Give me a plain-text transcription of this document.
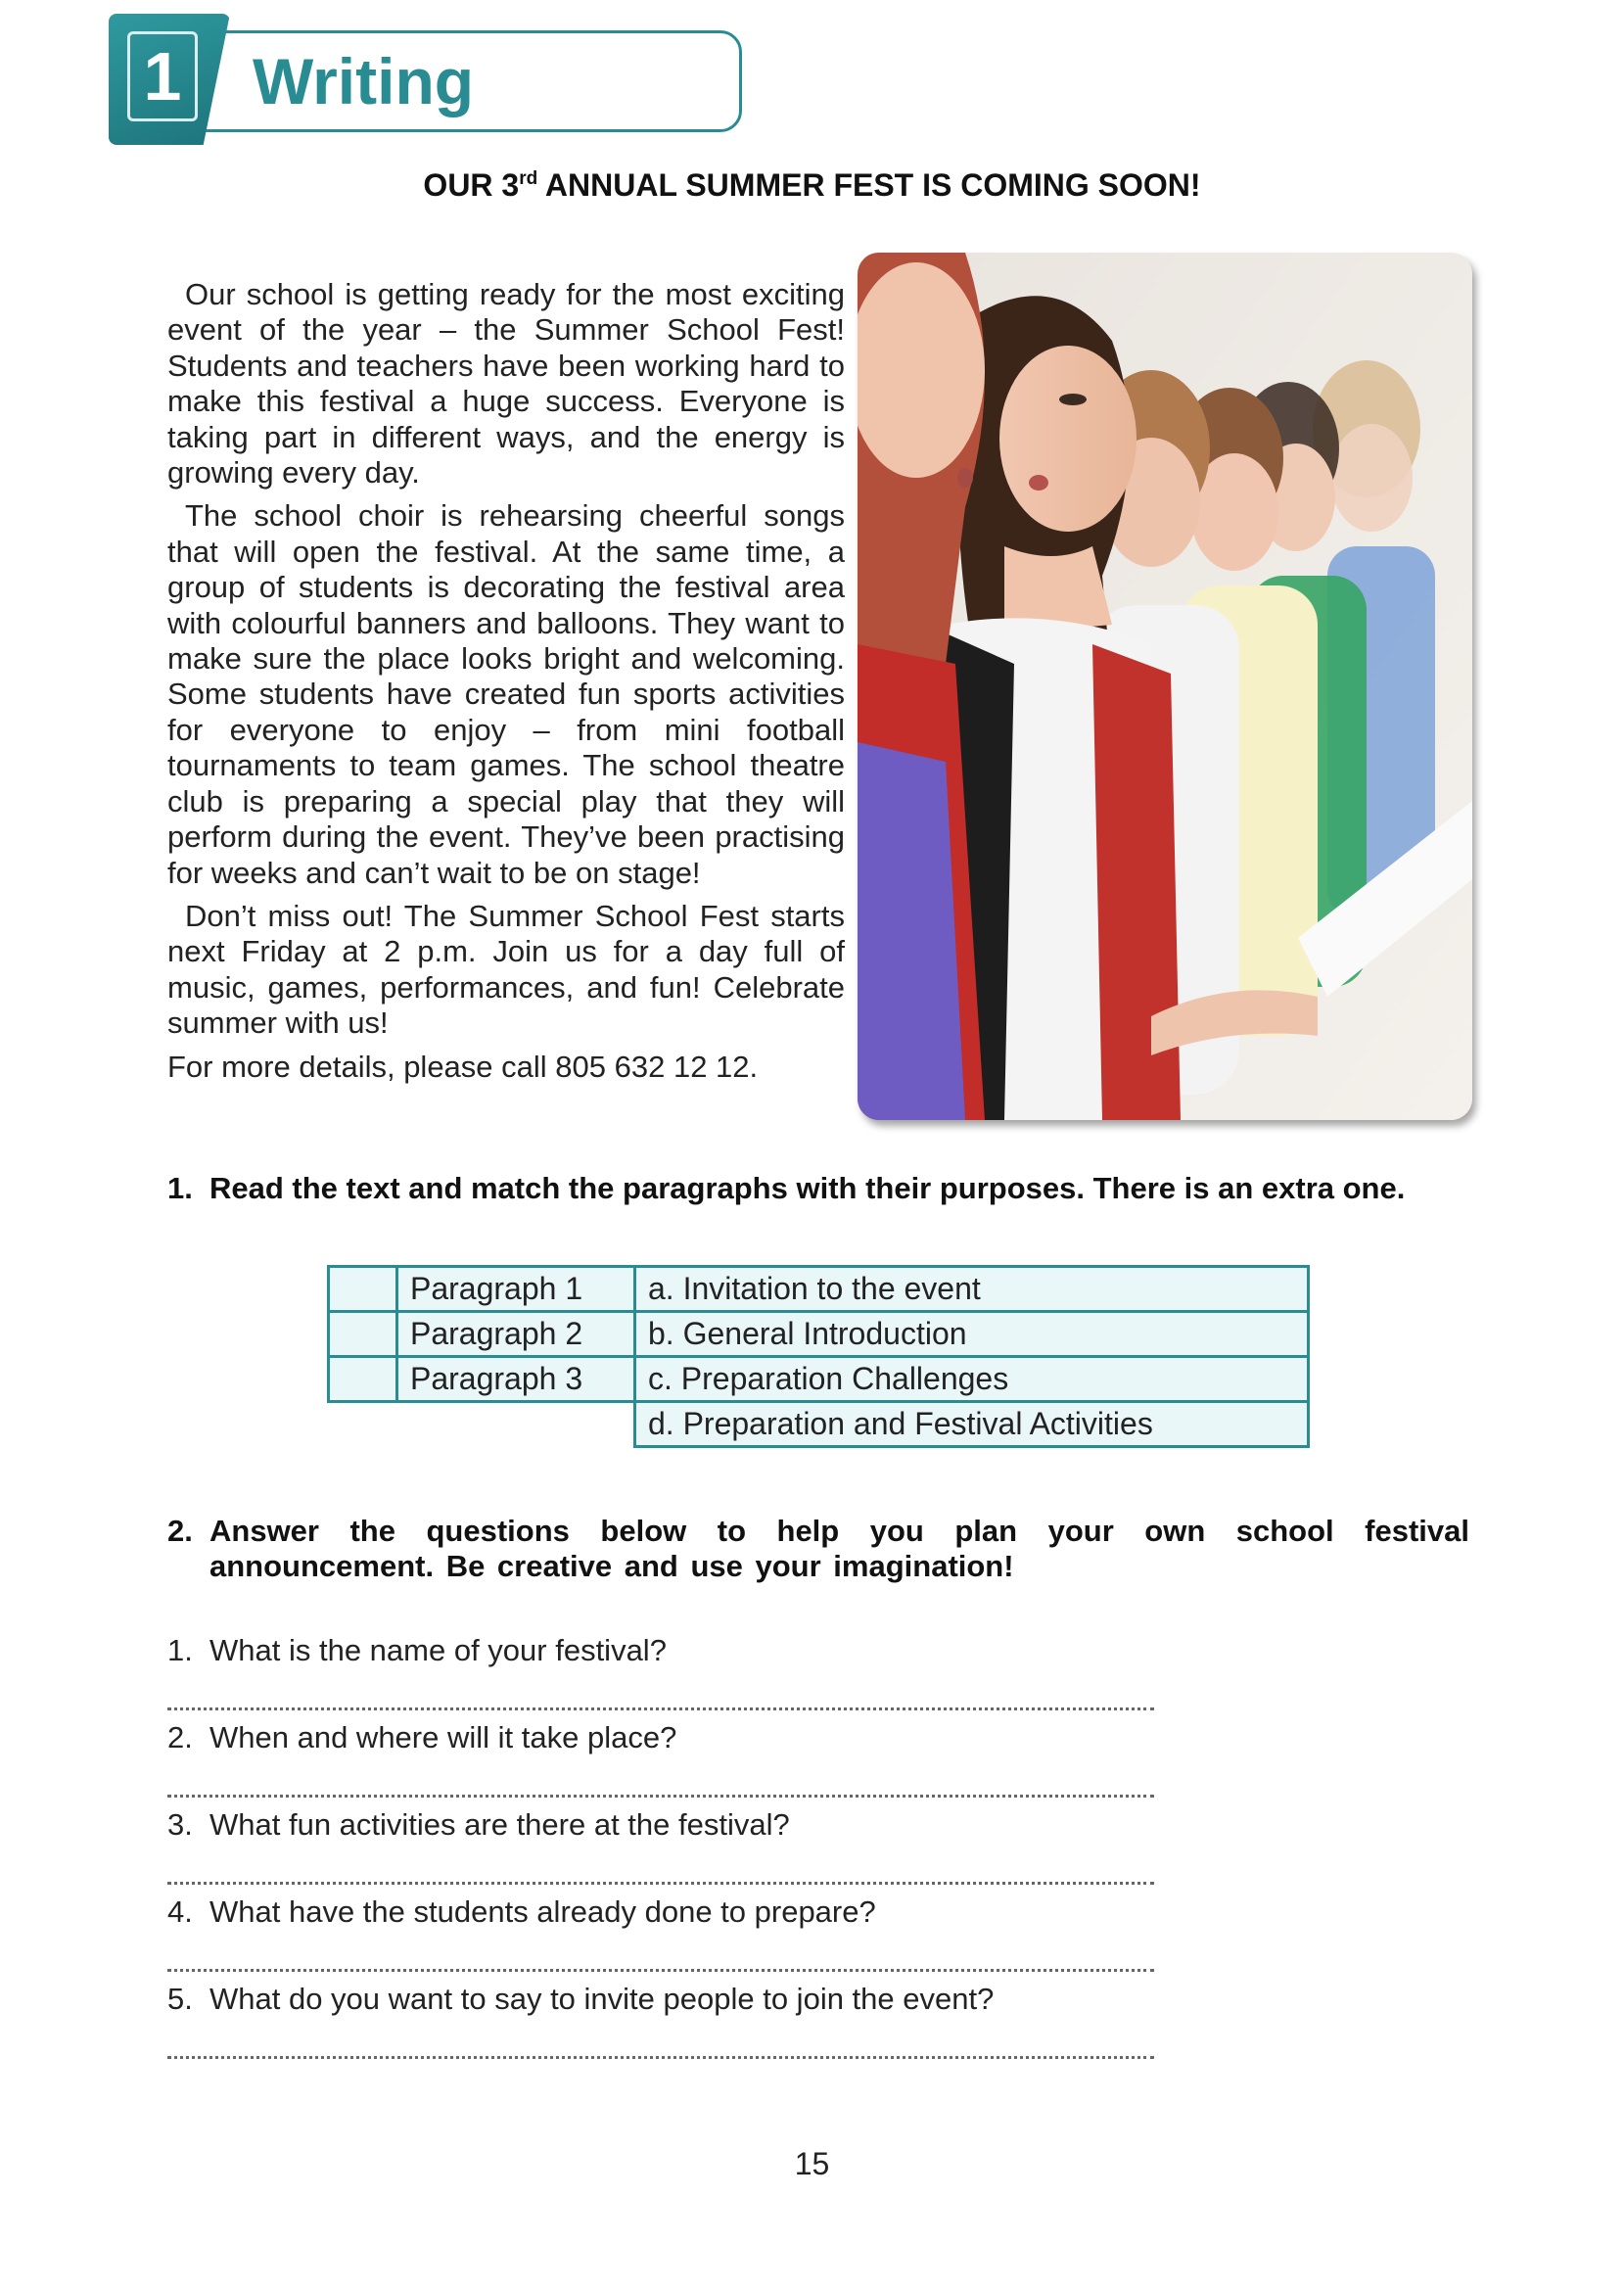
1 Writing
OUR 3rd ANNUAL SUMMER FEST IS COMING SOON!

Our school is getting ready for the most exciting event of the year – the Summer School Fest! Students and teachers have been working hard to make this festival a huge success. Everyone is taking part in different ways, and the energy is growing every day.

The school choir is rehearsing cheerful songs that will open the festival. At the same time, a group of students is decorating the festival area with colourful banners and balloons. They want to make sure the place looks bright and welcoming. Some students have created fun sports activities for everyone to enjoy – from mini football tournaments to team games. The school theatre club is preparing a special play that they will perform during the event. They’ve been practising for weeks and can’t wait to be on stage!

Don’t miss out! The Summer School Fest starts next Friday at 2 p.m. Join us for a day full of music, games, performances, and fun! Celebrate summer with us!

For more details, please call 805 632 12 12.

1. Read the text and match the paragraphs with their purposes. There is an extra one.
	Paragraph 1	a. Invitation to the event
	Paragraph 2	b. General Introduction
	Paragraph 3	c. Preparation Challenges
		d. Preparation and Festival Activities
2. Answer the questions below to help you plan your own school festival announcement. Be creative and use your imagination!

1. What is the name of your festival?

2. When and where will it take place?

3. What fun activities are there at the festival?

4. What have the students already done to prepare?

5. What do you want to say to invite people to join the event?

15
